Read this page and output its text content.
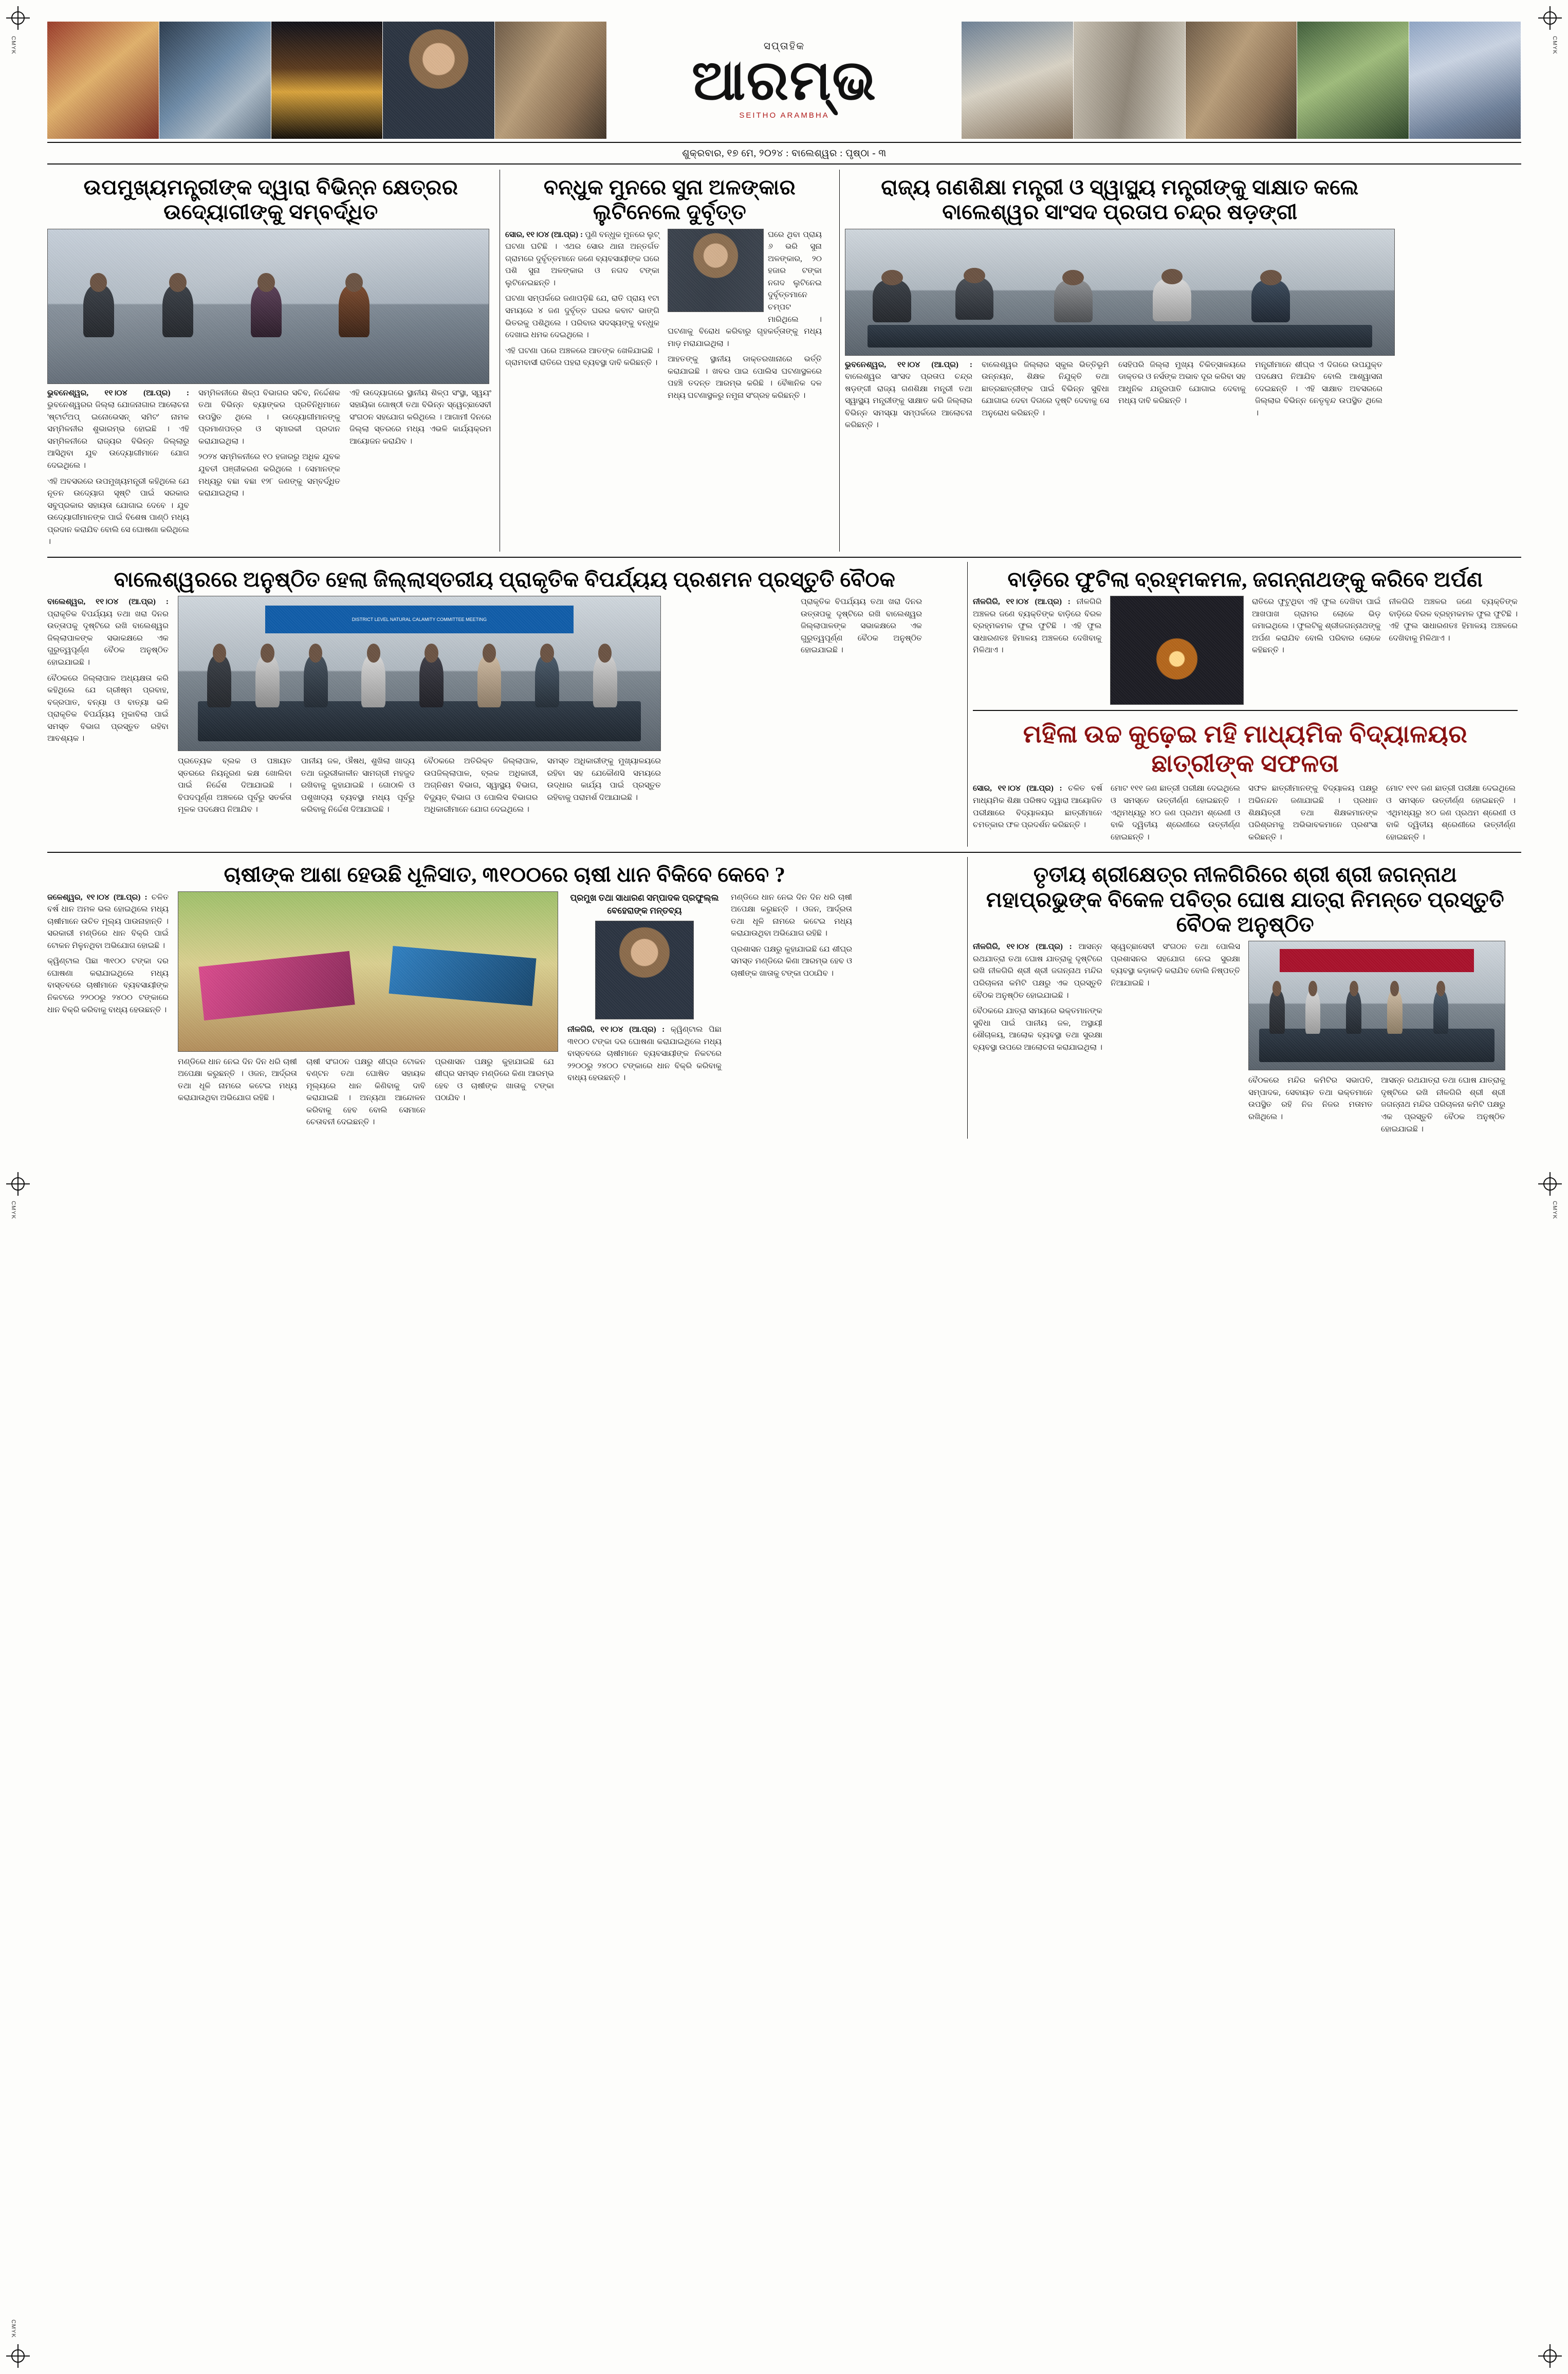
CMYK	CMYK
CMYK	CMYK
CMYK
ସପ୍ତାହିକ
ଆରମ୍ଭ
SEITHO ARAMBHA
ଶୁକ୍ରବାର, ୧୭ ମେ, ୨୦୨୪ : ବାଲେଶ୍ୱର : ପୃଷ୍ଠା - ୩
ଉପମୁଖ୍ୟମନ୍ତ୍ରୀଙ୍କ ଦ୍ୱାରା ବିଭିନ୍ନ କ୍ଷେତ୍ରର ଉଦ୍ୟୋଗୀଙ୍କୁ ସମ୍ବର୍ଦ୍ଧିତ

ଭୁବନେଶ୍ୱର, ୧୧।୦୪ (ଆ.ପ୍ର) : ଭୁବନେଶ୍ୱରର ଜିଲ୍ଲା ଯୋଜନାଗାର ଆଲୋଚନା 'ଷ୍ଟାର୍ଟଅପ୍‌ ଇନୋଭେସନ୍‌ ସମିଟ' ନାମକ ସମ୍ମିଳନୀର ଶୁଭାରମ୍ଭ ହୋଇଛି । ଏହି ସମ୍ମିଳନୀରେ ରାଜ୍ୟର ବିଭିନ୍ନ ଜିଲ୍ଲାରୁ ଆସିଥିବା ଯୁବ ଉଦ୍ୟୋଗୀମାନେ ଯୋଗ ଦେଇଥିଲେ ।

ଏହି ଅବସରରେ ଉପମୁଖ୍ୟମନ୍ତ୍ରୀ କହିଥିଲେ ଯେ ନୂତନ ଉଦ୍ୟୋଗ ସୃଷ୍ଟି ପାଇଁ ସରକାର ସବୁପ୍ରକାର ସହାୟତା ଯୋଗାଇ ଦେବେ । ଯୁବ ଉଦ୍ୟୋଗୀମାନଙ୍କ ପାଇଁ ବିଶେଷ ପାଣ୍ଠି ମଧ୍ୟ ପ୍ରଦାନ କରାଯିବ ବୋଲି ସେ ଘୋଷଣା କରିଥିଲେ ।

ସମ୍ମିଳନୀରେ ଶିଳ୍ପ ବିଭାଗର ସଚିବ, ନିର୍ଦ୍ଦେଶକ ତଥା ବିଭିନ୍ନ ବ୍ୟାଙ୍କର ପ୍ରତିନିଧିମାନେ ଉପସ୍ଥିତ ଥିଲେ । ଉଦ୍ୟୋଗୀମାନଙ୍କୁ ପ୍ରମାଣପତ୍ର ଓ ସ୍ମାରକୀ ପ୍ରଦାନ କରାଯାଇଥିଲା ।

୨୦୨୪ ସମ୍ମିଳନୀରେ ୧୦ ହଜାରରୁ ଅଧିକ ଯୁବକ ଯୁବତୀ ପଞ୍ଜୀକରଣ କରିଥିଲେ । ସେମାନଙ୍କ ମଧ୍ୟରୁ ବଛା ବଛା ୧୨୮ ଜଣଙ୍କୁ ସମ୍ବର୍ଦ୍ଧିତ କରାଯାଇଥିଲା ।

ଏହି ଉଦ୍ୟୋଗରେ ସ୍ଥାନୀୟ ଶିଳ୍ପ ସଂସ୍ଥା, ସ୍ୱୟଂ ସହାୟିକା ଗୋଷ୍ଠୀ ତଥା ବିଭିନ୍ନ ସ୍ୱେଚ୍ଛାସେବୀ ସଂଗଠନ ସହଯୋଗ କରିଥିଲେ । ଆଗାମୀ ଦିନରେ ଜିଲ୍ଲା ସ୍ତରରେ ମଧ୍ୟ ଏଭଳି କାର୍ଯ୍ୟକ୍ରମ ଆୟୋଜନ କରାଯିବ ।

ବନ୍ଧୁକ ମୁନରେ ସୁନା ଅଳଙ୍କାର ଲୁଟିନେଲେ ଦୁର୍ବୃତ୍ତ

ସୋର, ୧୧।୦୪ (ଆ.ପ୍ର) : ପୁଣି ବନ୍ଧୁକ ମୁନରେ ଲୁଟ୍‌ ଘଟଣା ଘଟିଛି । ଏଥର ସୋର ଥାନା ଅନ୍ତର୍ଗତ ଗ୍ରାମରେ ଦୁର୍ବୃତ୍ତମାନେ ଜଣେ ବ୍ୟବସାୟୀଙ୍କ ଘରେ ପଶି ସୁନା ଅଳଙ୍କାର ଓ ନଗଦ ଟଙ୍କା ଲୁଟିନେଇଛନ୍ତି ।

ଘଟଣା ସମ୍ପର୍କରେ ଜଣାପଡ଼ିଛି ଯେ, ରାତି ପ୍ରାୟ ୧ଟା ସମୟରେ ୪ ଜଣ ଦୁର୍ବୃତ୍ତ ଘରର କବାଟ ଭାଙ୍ଗି ଭିତରକୁ ପଶିଥିଲେ । ପରିବାର ସଦସ୍ୟଙ୍କୁ ବନ୍ଧୁକ ଦେଖାଇ ଧମକ ଦେଇଥିଲେ ।

ଏହି ଘଟଣା ପରେ ଅଞ୍ଚଳରେ ଆତଙ୍କ ଖେଳିଯାଇଛି । ଗ୍ରାମବାସୀ ରାତିରେ ପହରା ବ୍ୟବସ୍ଥା ଦାବି କରିଛନ୍ତି ।

ଘରେ ଥିବା ପ୍ରାୟ ୬ ଭରି ସୁନା ଅଳଙ୍କାର, ୨୦ ହଜାର ଟଙ୍କା ନଗଦ ଲୁଟିନେଇ ଦୁର୍ବୃତ୍ତମାନେ ଚମ୍ପଟ ମାରିଥିଲେ । ଘଟଣାକୁ ବିରୋଧ କରିବାରୁ ଗୃହକର୍ତ୍ତାଙ୍କୁ ମଧ୍ୟ ମାଡ଼ ମରାଯାଇଥିଲା ।

ଆହତଙ୍କୁ ସ୍ଥାନୀୟ ଡାକ୍ତରଖାନାରେ ଭର୍ତ୍ତି କରାଯାଇଛି । ଖବର ପାଇ ପୋଲିସ ଘଟଣାସ୍ଥଳରେ ପହଞ୍ଚି ତଦନ୍ତ ଆରମ୍ଭ କରିଛି । ବୈଜ୍ଞାନିକ ଦଳ ମଧ୍ୟ ଘଟଣାସ୍ଥଳରୁ ନମୁନା ସଂଗ୍ରହ କରିଛନ୍ତି ।

ରାଜ୍ୟ ଗଣଶିକ୍ଷା ମନ୍ତ୍ରୀ ଓ ସ୍ୱାସ୍ଥ୍ୟ ମନ୍ତ୍ରୀଙ୍କୁ ସାକ୍ଷାତ କଲେ ବାଲେଶ୍ୱର ସାଂସଦ ପ୍ରତାପ ଚନ୍ଦ୍ର ଷଡ଼ଙ୍ଗୀ

ଭୁବନେଶ୍ୱର, ୧୧।୦୪ (ଆ.ପ୍ର) : ବାଲେଶ୍ୱର ସାଂସଦ ପ୍ରତାପ ଚନ୍ଦ୍ର ଷଡ଼ଙ୍ଗୀ ରାଜ୍ୟ ଗଣଶିକ୍ଷା ମନ୍ତ୍ରୀ ତଥା ସ୍ୱାସ୍ଥ୍ୟ ମନ୍ତ୍ରୀଙ୍କୁ ସାକ୍ଷାତ କରି ଜିଲ୍ଲାର ବିଭିନ୍ନ ସମସ୍ୟା ସମ୍ପର୍କରେ ଆଲୋଚନା କରିଛନ୍ତି ।

ବାଲେଶ୍ୱର ଜିଲ୍ଲାର ସ୍କୁଲ ଭିତ୍ତିଭୂମି ଉନ୍ନୟନ, ଶିକ୍ଷକ ନିଯୁକ୍ତି ତଥା ଛାତ୍ରଛାତ୍ରୀଙ୍କ ପାଇଁ ବିଭିନ୍ନ ସୁବିଧା ଯୋଗାଇ ଦେବା ଦିଗରେ ଦୃଷ୍ଟି ଦେବାକୁ ସେ ଅନୁରୋଧ କରିଛନ୍ତି ।

ସେହିପରି ଜିଲ୍ଲା ମୁଖ୍ୟ ଚିକିତ୍ସାଳୟରେ ଡାକ୍ତର ଓ ନର୍ସଙ୍କ ଅଭାବ ଦୂର କରିବା ସହ ଆଧୁନିକ ଯନ୍ତ୍ରପାତି ଯୋଗାଇ ଦେବାକୁ ମଧ୍ୟ ଦାବି କରିଛନ୍ତି ।

ମନ୍ତ୍ରୀମାନେ ଶୀଘ୍ର ଏ ଦିଗରେ ଉପଯୁକ୍ତ ପଦକ୍ଷେପ ନିଆଯିବ ବୋଲି ଆଶ୍ୱାସନା ଦେଇଛନ୍ତି । ଏହି ସାକ୍ଷାତ ଅବସରରେ ଜିଲ୍ଲାର ବିଭିନ୍ନ ନେତୃବୃନ୍ଦ ଉପସ୍ଥିତ ଥିଲେ ।

ବାଲେଶ୍ୱରରେ ଅନୁଷ୍ଠିତ ହେଲା ଜିଲ୍ଲାସ୍ତରୀୟ ପ୍ରାକୃତିକ ବିପର୍ଯ୍ୟୟ ପ୍ରଶମନ ପ୍ରସ୍ତୁତି ବୈଠକ

ବାଲେଶ୍ୱର, ୧୧।୦୪ (ଆ.ପ୍ର) : ପ୍ରାକୃତିକ ବିପର୍ଯ୍ୟୟ ତଥା ଖରା ଦିନର ଉତ୍ତାପକୁ ଦୃଷ୍ଟିରେ ରଖି ବାଲେଶ୍ୱର ଜିଲ୍ଲାପାଳଙ୍କ ସଭାକକ୍ଷରେ ଏକ ଗୁରୁତ୍ୱପୂର୍ଣ୍ଣ ବୈଠକ ଅନୁଷ୍ଠିତ ହୋଇଯାଇଛି ।

ବୈଠକରେ ଜିଲ୍ଲାପାଳ ଅଧ୍ୟକ୍ଷତା କରି କହିଥିଲେ ଯେ ଗ୍ରୀଷ୍ମ ପ୍ରବାହ, ବଜ୍ରପାତ, ବନ୍ୟା ଓ ବାତ୍ୟା ଭଳି ପ୍ରାକୃତିକ ବିପର୍ଯ୍ୟୟ ମୁକାବିଲା ପାଇଁ ସମସ୍ତ ବିଭାଗ ପ୍ରସ୍ତୁତ ରହିବା ଆବଶ୍ୟକ ।

DISTRICT LEVEL NATURAL CALAMITY COMMITTEE MEETING

ପ୍ରତ୍ୟେକ ବ୍ଲକ ଓ ପଞ୍ଚାୟତ ସ୍ତରରେ ନିୟନ୍ତ୍ରଣ କକ୍ଷ ଖୋଲିବା ପାଇଁ ନିର୍ଦ୍ଦେଶ ଦିଆଯାଇଛି । ବିପଦପୂର୍ଣ୍ଣ ଅଞ୍ଚଳରେ ପୂର୍ବରୁ ସତର୍କତା ମୂଳକ ପଦକ୍ଷେପ ନିଆଯିବ ।

ପାନୀୟ ଜଳ, ଔଷଧ, ଶୁଖିଲା ଖାଦ୍ୟ ତଥା ଜରୁରୀକାଳୀନ ସାମଗ୍ରୀ ମହଜୁଦ ରଖିବାକୁ କୁହାଯାଇଛି । ଗୋଠାଳି ଓ ପଶୁଖାଦ୍ୟ ବ୍ୟବସ୍ଥା ମଧ୍ୟ ପୂର୍ବରୁ କରିବାକୁ ନିର୍ଦ୍ଦେଶ ଦିଆଯାଇଛି ।

ବୈଠକରେ ଅତିରିକ୍ତ ଜିଲ୍ଲାପାଳ, ଉପଜିଲ୍ଲାପାଳ, ବ୍ଲକ ଅଧିକାରୀ, ଅଗ୍ନିଶମ ବିଭାଗ, ସ୍ୱାସ୍ଥ୍ୟ ବିଭାଗ, ବିଦ୍ୟୁତ୍‌ ବିଭାଗ ଓ ପୋଲିସ ବିଭାଗର ଅଧିକାରୀମାନେ ଯୋଗ ଦେଇଥିଲେ ।

ସମସ୍ତ ଅଧିକାରୀଙ୍କୁ ମୁଖ୍ୟାଳୟରେ ରହିବା ସହ ଯେକୌଣସି ସମୟରେ ଉଦ୍ଧାର କାର୍ଯ୍ୟ ପାଇଁ ପ୍ରସ୍ତୁତ ରହିବାକୁ ପରାମର୍ଶ ଦିଆଯାଇଛି ।

ପ୍ରାକୃତିକ ବିପର୍ଯ୍ୟୟ ତଥା ଖରା ଦିନର ଉତ୍ତାପକୁ ଦୃଷ୍ଟିରେ ରଖି ବାଲେଶ୍ୱର ଜିଲ୍ଲାପାଳଙ୍କ ସଭାକକ୍ଷରେ ଏକ ଗୁରୁତ୍ୱପୂର୍ଣ୍ଣ ବୈଠକ ଅନୁଷ୍ଠିତ ହୋଇଯାଇଛି ।

ବାଡ଼ିରେ ଫୁଟିଲା ବ୍ରହ୍ମକମଳ, ଜଗନ୍ନାଥଙ୍କୁ କରିବେ ଅର୍ପଣ

ନୀଳଗିରି, ୧୧।୦୪ (ଆ.ପ୍ର) : ନୀଳଗିରି ଅଞ୍ଚଳର ଜଣେ ବ୍ୟକ୍ତିଙ୍କ ବାଡ଼ିରେ ବିରଳ ବ୍ରହ୍ମକମଳ ଫୁଲ ଫୁଟିଛି । ଏହି ଫୁଲ ସାଧାରଣତଃ ହିମାଳୟ ଅଞ୍ଚଳରେ ଦେଖିବାକୁ ମିଳିଥାଏ ।

ରାତିରେ ଫୁଟୁଥିବା ଏହି ଫୁଲ ଦେଖିବା ପାଇଁ ଆଖପାଖ ଗ୍ରାମର ଲୋକେ ଭିଡ଼ ଜମାଇଥିଲେ । ଫୁଲଟିକୁ ଶ୍ରୀଜଗନ୍ନାଥଙ୍କୁ ଅର୍ପଣ କରାଯିବ ବୋଲି ପରିବାର ଲୋକେ କହିଛନ୍ତି ।

ନୀଳଗିରି ଅଞ୍ଚଳର ଜଣେ ବ୍ୟକ୍ତିଙ୍କ ବାଡ଼ିରେ ବିରଳ ବ୍ରହ୍ମକମଳ ଫୁଲ ଫୁଟିଛି । ଏହି ଫୁଲ ସାଧାରଣତଃ ହିମାଳୟ ଅଞ୍ଚଳରେ ଦେଖିବାକୁ ମିଳିଥାଏ ।

ମହିଳା ଉଚ୍ଚ କୁଢ଼େଇ ମହି ମାଧ୍ୟମିକ ବିଦ୍ୟାଳୟର ଛାତ୍ରୀଙ୍କ ସଫଳତା

ସୋର, ୧୧।୦୪ (ଆ.ପ୍ର) : ଚଳିତ ବର୍ଷ ମାଧ୍ୟମିକ ଶିକ୍ଷା ପରିଷଦ ଦ୍ୱାରା ଆୟୋଜିତ ପରୀକ୍ଷାରେ ବିଦ୍ୟାଳୟର ଛାତ୍ରୀମାନେ ଚମତ୍କାର ଫଳ ପ୍ରଦର୍ଶନ କରିଛନ୍ତି ।

ମୋଟ ୧୧୧ ଜଣ ଛାତ୍ରୀ ପରୀକ୍ଷା ଦେଇଥିଲେ ଓ ସମସ୍ତେ ଉତ୍ତୀର୍ଣ୍ଣ ହୋଇଛନ୍ତି । ଏଥିମଧ୍ୟରୁ ୪୦ ଜଣ ପ୍ରଥମ ଶ୍ରେଣୀ ଓ ବାକି ଦ୍ୱିତୀୟ ଶ୍ରେଣୀରେ ଉତ୍ତୀର୍ଣ୍ଣ ହୋଇଛନ୍ତି ।

ସଫଳ ଛାତ୍ରୀମାନଙ୍କୁ ବିଦ୍ୟାଳୟ ପକ୍ଷରୁ ଅଭିନନ୍ଦନ ଜଣାଯାଇଛି । ପ୍ରଧାନ ଶିକ୍ଷୟିତ୍ରୀ ତଥା ଶିକ୍ଷକମାନଙ୍କ ପରିଶ୍ରମକୁ ଅଭିଭାବକମାନେ ପ୍ରଶଂସା କରିଛନ୍ତି ।

ମୋଟ ୧୧୧ ଜଣ ଛାତ୍ରୀ ପରୀକ୍ଷା ଦେଇଥିଲେ ଓ ସମସ୍ତେ ଉତ୍ତୀର୍ଣ୍ଣ ହୋଇଛନ୍ତି । ଏଥିମଧ୍ୟରୁ ୪୦ ଜଣ ପ୍ରଥମ ଶ୍ରେଣୀ ଓ ବାକି ଦ୍ୱିତୀୟ ଶ୍ରେଣୀରେ ଉତ୍ତୀର୍ଣ୍ଣ ହୋଇଛନ୍ତି ।

ଚାଷୀଙ୍କ ଆଶା ହେଉଛି ଧୂଳିସାତ, ୩୧୦୦ରେ ଚାଷୀ ଧାନ ବିକିବେ କେବେ ?

ଜଳେଶ୍ୱର, ୧୧।୦୪ (ଆ.ପ୍ର) : ଚଳିତ ବର୍ଷ ଧାନ ଅମଳ ଭଲ ହୋଇଥିଲେ ମଧ୍ୟ ଚାଷୀମାନେ ଉଚିତ ମୂଲ୍ୟ ପାଉନାହାନ୍ତି । ସରକାରୀ ମଣ୍ଡିରେ ଧାନ ବିକ୍ରି ପାଇଁ ଟୋକନ ମିଳୁନଥିବା ଅଭିଯୋଗ ହୋଇଛି ।

କ୍ୱିଣ୍ଟାଲ ପିଛା ୩୧୦୦ ଟଙ୍କା ଦର ଘୋଷଣା କରାଯାଇଥିଲେ ମଧ୍ୟ ବାସ୍ତବରେ ଚାଷୀମାନେ ବ୍ୟବସାୟୀଙ୍କ ନିକଟରେ ୨୨୦୦ରୁ ୨୪୦୦ ଟଙ୍କାରେ ଧାନ ବିକ୍ରି କରିବାକୁ ବାଧ୍ୟ ହେଉଛନ୍ତି ।

ମଣ୍ଡିରେ ଧାନ ନେଇ ଦିନ ଦିନ ଧରି ଚାଷୀ ଅପେକ୍ଷା କରୁଛନ୍ତି । ଓଜନ, ଆର୍ଦ୍ରତା ତଥା ଧୂଳି ନାମରେ କଟେଇ ମଧ୍ୟ କରାଯାଉଥିବା ଅଭିଯୋଗ ରହିଛି ।

ଚାଷୀ ସଂଗଠନ ପକ୍ଷରୁ ଶୀଘ୍ର ଟୋକନ ବଣ୍ଟନ ତଥା ଘୋଷିତ ସହାୟକ ମୂଲ୍ୟରେ ଧାନ କିଣିବାକୁ ଦାବି କରାଯାଇଛି । ଅନ୍ୟଥା ଆନ୍ଦୋଳନ କରିବାକୁ ହେବ ବୋଲି ସେମାନେ ଚେତାବନୀ ଦେଇଛନ୍ତି ।

ପ୍ରଶାସନ ପକ୍ଷରୁ କୁହାଯାଇଛି ଯେ ଶୀଘ୍ର ସମସ୍ତ ମଣ୍ଡିରେ କିଣା ଆରମ୍ଭ ହେବ ଓ ଚାଷୀଙ୍କ ଖାତାକୁ ଟଙ୍କା ପଠାଯିବ ।

ପ୍ରମୁଖ ତଥା ସାଧାରଣ ସମ୍ପାଦକ ପ୍ରଫୁଲ୍ଲ ବେହେରାଙ୍କ ମନ୍ତବ୍ୟ

ନୀଳଗିରି, ୧୧।୦୪ (ଆ.ପ୍ର) : କ୍ୱିଣ୍ଟାଲ ପିଛା ୩୧୦୦ ଟଙ୍କା ଦର ଘୋଷଣା କରାଯାଇଥିଲେ ମଧ୍ୟ ବାସ୍ତବରେ ଚାଷୀମାନେ ବ୍ୟବସାୟୀଙ୍କ ନିକଟରେ ୨୨୦୦ରୁ ୨୪୦୦ ଟଙ୍କାରେ ଧାନ ବିକ୍ରି କରିବାକୁ ବାଧ୍ୟ ହେଉଛନ୍ତି ।

ମଣ୍ଡିରେ ଧାନ ନେଇ ଦିନ ଦିନ ଧରି ଚାଷୀ ଅପେକ୍ଷା କରୁଛନ୍ତି । ଓଜନ, ଆର୍ଦ୍ରତା ତଥା ଧୂଳି ନାମରେ କଟେଇ ମଧ୍ୟ କରାଯାଉଥିବା ଅଭିଯୋଗ ରହିଛି ।

ପ୍ରଶାସନ ପକ୍ଷରୁ କୁହାଯାଇଛି ଯେ ଶୀଘ୍ର ସମସ୍ତ ମଣ୍ଡିରେ କିଣା ଆରମ୍ଭ ହେବ ଓ ଚାଷୀଙ୍କ ଖାତାକୁ ଟଙ୍କା ପଠାଯିବ ।

ତୃତୀୟ ଶ୍ରୀକ୍ଷେତ୍ର ନୀଳଗିରିରେ ଶ୍ରୀ ଶ୍ରୀ ଜଗନ୍ନାଥ ମହାପ୍ରଭୁଙ୍କ ବିକେଳ ପବିତ୍ର ଘୋଷ ଯାତ୍ରା ନିମନ୍ତେ ପ୍ରସ୍ତୁତି ବୈଠକ ଅନୁଷ୍ଠିତ

ନୀଳଗିରି, ୧୧।୦୪ (ଆ.ପ୍ର) : ଆସନ୍ନ ରଥଯାତ୍ରା ତଥା ଘୋଷ ଯାତ୍ରାକୁ ଦୃଷ୍ଟିରେ ରଖି ନୀଳଗିରି ଶ୍ରୀ ଶ୍ରୀ ଜଗନ୍ନାଥ ମନ୍ଦିର ପରିଚାଳନା କମିଟି ପକ୍ଷରୁ ଏକ ପ୍ରସ୍ତୁତି ବୈଠକ ଅନୁଷ୍ଠିତ ହୋଇଯାଇଛି ।

ବୈଠକରେ ଯାତ୍ରା ସମୟରେ ଭକ୍ତମାନଙ୍କ ସୁବିଧା ପାଇଁ ପାନୀୟ ଜଳ, ଅସ୍ଥାୟୀ ଶୌଚାଳୟ, ଆଲୋକ ବ୍ୟବସ୍ଥା ତଥା ସୁରକ୍ଷା ବ୍ୟବସ୍ଥା ଉପରେ ଆଲୋଚନା କରାଯାଇଥିଲା ।

ସ୍ୱେଚ୍ଛାସେବୀ ସଂଗଠନ ତଥା ପୋଲିସ ପ୍ରଶାସନର ସହଯୋଗ ନେଇ ସୁରକ୍ଷା ବ୍ୟବସ୍ଥା କଡ଼ାକଡ଼ି କରାଯିବ ବୋଲି ନିଷ୍ପତ୍ତି ନିଆଯାଇଛି ।

ବୈଠକରେ ମନ୍ଦିର କମିଟିର ସଭାପତି, ସମ୍ପାଦକ, ସେବାୟତ ତଥା ଭକ୍ତମାନେ ଉପସ୍ଥିତ ରହି ନିଜ ନିଜର ମତାମତ ରଖିଥିଲେ ।

ଆସନ୍ନ ରଥଯାତ୍ରା ତଥା ଘୋଷ ଯାତ୍ରାକୁ ଦୃଷ୍ଟିରେ ରଖି ନୀଳଗିରି ଶ୍ରୀ ଶ୍ରୀ ଜଗନ୍ନାଥ ମନ୍ଦିର ପରିଚାଳନା କମିଟି ପକ୍ଷରୁ ଏକ ପ୍ରସ୍ତୁତି ବୈଠକ ଅନୁଷ୍ଠିତ ହୋଇଯାଇଛି ।
